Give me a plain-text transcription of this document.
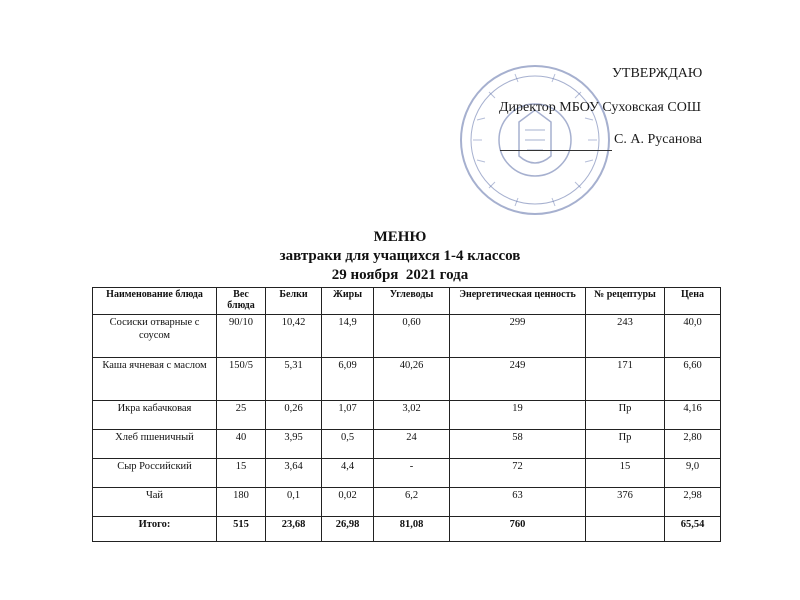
УТВЕРЖДАЮ
Директор МБОУ Суховская СОШ
С. А. Русанова
МЕНЮ
завтраки для учащихся 1-4 классов
29 ноября  2021 года
Наименование блюда	Вес блюда	Белки	Жиры	Углеводы	Энергетическая ценность	№ рецептуры	Цена
Сосиски отварные с соусом	90/10	10,42	14,9	0,60	299	243	40,0
Каша ячневая с маслом	150/5	5,31	6,09	40,26	249	171	6,60
Икра кабачковая	25	0,26	1,07	3,02	19	Пр	4,16
Хлеб пшеничный	40	3,95	0,5	24	58	Пр	2,80
Сыр Российский	15	3,64	4,4	-	72	15	9,0
Чай	180	0,1	0,02	6,2	63	376	2,98
Итого:	515	23,68	26,98	81,08	760		65,54
